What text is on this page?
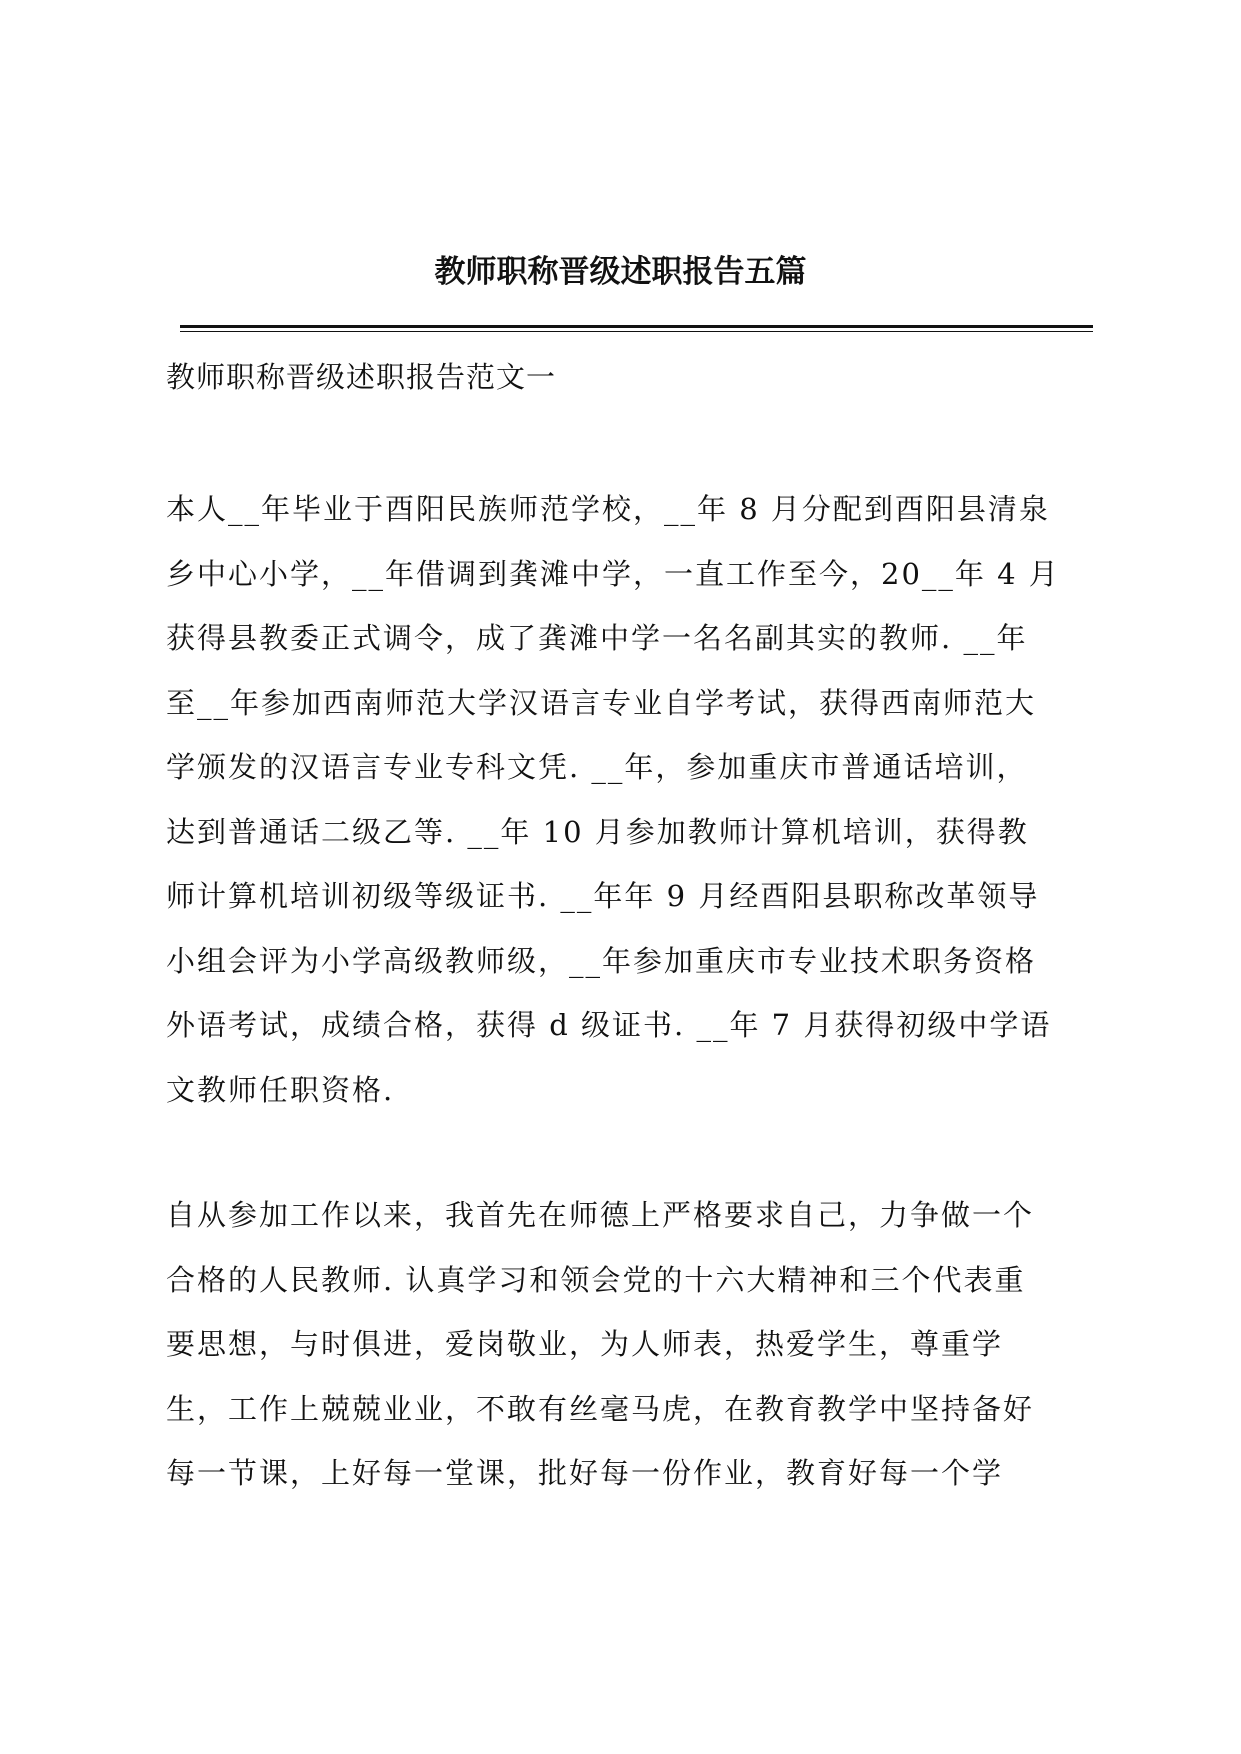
教师职称晋级述职报告五篇
教师职称晋级述职报告范文一
本人__年毕业于酉阳民族师范学校，__年 8 月分配到酉阳县清泉
乡中心小学，__年借调到龚滩中学，一直工作至今，20__年 4 月
获得县教委正式调令，成了龚滩中学一名名副其实的教师. __年
至__年参加西南师范大学汉语言专业自学考试，获得西南师范大
学颁发的汉语言专业专科文凭. __年，参加重庆市普通话培训，
达到普通话二级乙等. __年 10 月参加教师计算机培训，获得教
师计算机培训初级等级证书. __年年 9 月经酉阳县职称改革领导
小组会评为小学高级教师级，__年参加重庆市专业技术职务资格
外语考试，成绩合格，获得 d 级证书. __年 7 月获得初级中学语
文教师任职资格.
自从参加工作以来，我首先在师德上严格要求自己，力争做一个
合格的人民教师. 认真学习和领会党的十六大精神和三个代表重
要思想，与时俱进，爱岗敬业，为人师表，热爱学生，尊重学
生，工作上兢兢业业，不敢有丝毫马虎，在教育教学中坚持备好
每一节课，上好每一堂课，批好每一份作业，教育好每一个学
